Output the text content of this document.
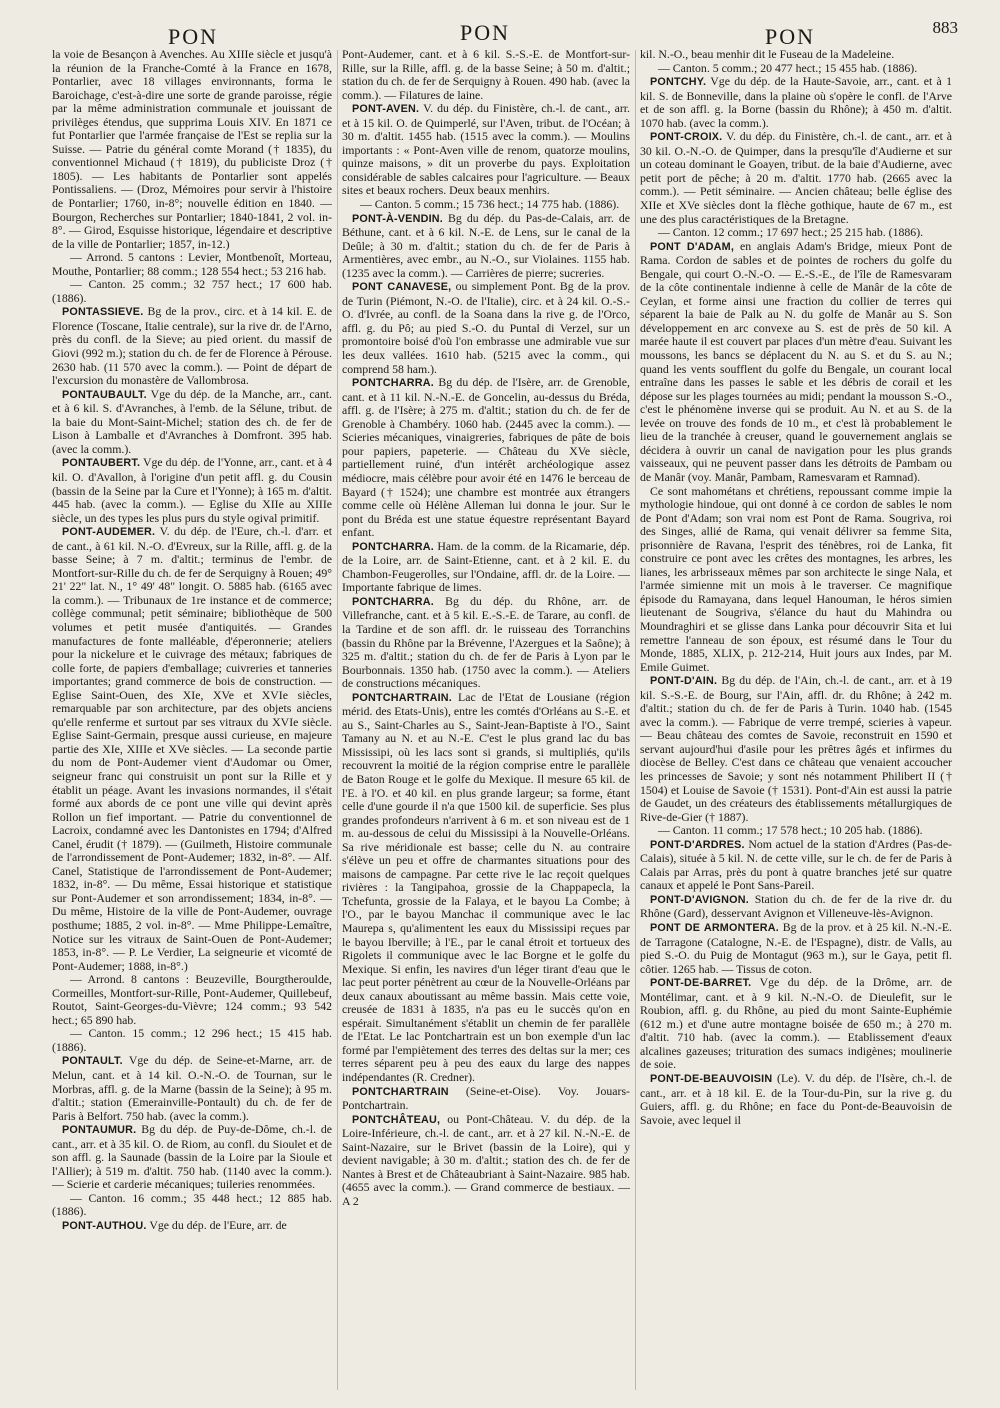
PON	PON	PON	883

la voie de Besançon à Avenches. Au XIIIe siècle et jusqu'à la réunion de la Franche-Comté à la France en 1678, Pontarlier, avec 18 villages environnants, forma le Baroichage, c'est-à-dire une sorte de grande paroisse, régie par la même administration communale et jouissant de privilèges étendus, que supprima Louis XIV. En 1871 ce fut Pontarlier que l'armée française de l'Est se replia sur la Suisse. — Patrie du général comte Morand († 1835), du conventionnel Michaud († 1819), du publiciste Droz († 1805). — Les habitants de Pontarlier sont appelés Pontissaliens. — (Droz, Mémoires pour servir à l'histoire de Pontarlier; 1760, in-8°; nouvelle édition en 1840. — Bourgon, Recherches sur Pontarlier; 1840-1841, 2 vol. in-8°. — Girod, Esquisse historique, légendaire et descriptive de la ville de Pontarlier; 1857, in-12.)

— Arrond. 5 cantons : Levier, Montbenoît, Morteau, Mouthe, Pontarlier; 88 comm.; 128 554 hect.; 53 216 hab.

— Canton. 25 comm.; 32 757 hect.; 17 600 hab. (1886).

PONTASSIEVE. Bg de la prov., circ. et à 14 kil. E. de Florence (Toscane, Italie centrale), sur la rive dr. de l'Arno, près du confl. de la Sieve; au pied orient. du massif de Giovi (992 m.); station du ch. de fer de Florence à Pérouse. 2630 hab. (11 570 avec la comm.). — Point de départ de l'excursion du monastère de Vallombrosa.

PONTAUBAULT. Vge du dép. de la Manche, arr., cant. et à 6 kil. S. d'Avranches, à l'emb. de la Sélune, tribut. de la baie du Mont-Saint-Michel; station des ch. de fer de Lison à Lamballe et d'Avranches à Domfront. 395 hab. (avec la comm.).

PONTAUBERT. Vge du dép. de l'Yonne, arr., cant. et à 4 kil. O. d'Avallon, à l'origine d'un petit affl. g. du Cousin (bassin de la Seine par la Cure et l'Yonne); à 165 m. d'altit. 445 hab. (avec la comm.). — Eglise du XIIe au XIIIe siècle, un des types les plus purs du style ogival primitif.

PONT-AUDEMER. V. du dép. de l'Eure, ch.-l. d'arr. et de cant., à 61 kil. N.-O. d'Evreux, sur la Rille, affl. g. de la basse Seine; à 7 m. d'altit.; terminus de l'embr. de Montfort-sur-Rille du ch. de fer de Serquigny à Rouen; 49° 21' 22" lat. N., 1° 49' 48" longit. O. 5885 hab. (6165 avec la comm.). — Tribunaux de 1re instance et de commerce; collège communal; petit séminaire; bibliothèque de 500 volumes et petit musée d'antiquités. — Grandes manufactures de fonte malléable, d'éperonnerie; ateliers pour la nickelure et le cuivrage des métaux; fabriques de colle forte, de papiers d'emballage; cuivreries et tanneries importantes; grand commerce de bois de construction. — Eglise Saint-Ouen, des XIe, XVe et XVIe siècles, remarquable par son architecture, par des objets anciens qu'elle renferme et surtout par ses vitraux du XVIe siècle. Eglise Saint-Germain, presque aussi curieuse, en majeure partie des XIe, XIIIe et XVe siècles. — La seconde partie du nom de Pont-Audemer vient d'Audomar ou Omer, seigneur franc qui construisit un pont sur la Rille et y établit un péage. Avant les invasions normandes, il s'était formé aux abords de ce pont une ville qui devint après Rollon un fief important. — Patrie du conventionnel de Lacroix, condamné avec les Dantonistes en 1794; d'Alfred Canel, érudit († 1879). — (Guilmeth, Histoire communale de l'arrondissement de Pont-Audemer; 1832, in-8°. — Alf. Canel, Statistique de l'arrondissement de Pont-Audemer; 1832, in-8°. — Du même, Essai historique et statistique sur Pont-Audemer et son arrondissement; 1834, in-8°. — Du même, Histoire de la ville de Pont-Audemer, ouvrage posthume; 1885, 2 vol. in-8°. — Mme Philippe-Lemaître, Notice sur les vitraux de Saint-Ouen de Pont-Audemer; 1853, in-8°. — P. Le Verdier, La seigneurie et vicomté de Pont-Audemer; 1888, in-8°.)

— Arrond. 8 cantons : Beuzeville, Bourgtheroulde, Cormeilles, Montfort-sur-Rille, Pont-Audemer, Quillebeuf, Routot, Saint-Georges-du-Vièvre; 124 comm.; 93 542 hect.; 65 890 hab.

— Canton. 15 comm.; 12 296 hect.; 15 415 hab. (1886).

PONTAULT. Vge du dép. de Seine-et-Marne, arr. de Melun, cant. et à 14 kil. O.-N.-O. de Tournan, sur le Morbras, affl. g. de la Marne (bassin de la Seine); à 95 m. d'altit.; station (Emerainville-Pontault) du ch. de fer de Paris à Belfort. 750 hab. (avec la comm.).

PONTAUMUR. Bg du dép. de Puy-de-Dôme, ch.-l. de cant., arr. et à 35 kil. O. de Riom, au confl. du Sioulet et de son affl. g. la Saunade (bassin de la Loire par la Sioule et l'Allier); à 519 m. d'altit. 750 hab. (1140 avec la comm.). — Scierie et carderie mécaniques; tuileries renommées.

— Canton. 16 comm.; 35 448 hect.; 12 885 hab. (1886).

PONT-AUTHOU. Vge du dép. de l'Eure, arr. de

Pont-Audemer, cant. et à 6 kil. S.-S.-E. de Montfort-sur-Rille, sur la Rille, affl. g. de la basse Seine; à 50 m. d'altit.; station du ch. de fer de Serquigny à Rouen. 490 hab. (avec la comm.). — Filatures de laine.

PONT-AVEN. V. du dép. du Finistère, ch.-l. de cant., arr. et à 15 kil. O. de Quimperlé, sur l'Aven, tribut. de l'Océan; à 30 m. d'altit. 1455 hab. (1515 avec la comm.). — Moulins importants : « Pont-Aven ville de renom, quatorze moulins, quinze maisons, » dit un proverbe du pays. Exploitation considérable de sables calcaires pour l'agriculture. — Beaux sites et beaux rochers. Deux beaux menhirs.

— Canton. 5 comm.; 15 736 hect.; 14 775 hab. (1886).

PONT-À-VENDIN. Bg du dép. du Pas-de-Calais, arr. de Béthune, cant. et à 6 kil. N.-E. de Lens, sur le canal de la Deûle; à 30 m. d'altit.; station du ch. de fer de Paris à Armentières, avec embr., au N.-O., sur Violaines. 1155 hab. (1235 avec la comm.). — Carrières de pierre; sucreries.

PONT CANAVESE, ou simplement Pont. Bg de la prov. de Turin (Piémont, N.-O. de l'Italie), circ. et à 24 kil. O.-S.-O. d'Ivrée, au confl. de la Soana dans la rive g. de l'Orco, affl. g. du Pô; au pied S.-O. du Puntal di Verzel, sur un promontoire boisé d'où l'on embrasse une admirable vue sur les deux vallées. 1610 hab. (5215 avec la comm., qui comprend 58 ham.).

PONTCHARRA. Bg du dép. de l'Isère, arr. de Grenoble, cant. et à 11 kil. N.-N.-E. de Goncelin, au-dessus du Bréda, affl. g. de l'Isère; à 275 m. d'altit.; station du ch. de fer de Grenoble à Chambéry. 1060 hab. (2445 avec la comm.). — Scieries mécaniques, vinaigreries, fabriques de pâte de bois pour papiers, papeterie. — Château du XVe siècle, partiellement ruiné, d'un intérêt archéologique assez médiocre, mais célèbre pour avoir été en 1476 le berceau de Bayard († 1524); une chambre est montrée aux étrangers comme celle où Hélène Alleman lui donna le jour. Sur le pont du Bréda est une statue équestre représentant Bayard enfant.

PONTCHARRA. Ham. de la comm. de la Ricamarie, dép. de la Loire, arr. de Saint-Etienne, cant. et à 2 kil. E. du Chambon-Feugerolles, sur l'Ondaine, affl. dr. de la Loire. — Importante fabrique de limes.

PONTCHARRA. Bg du dép. du Rhône, arr. de Villefranche, cant. et à 5 kil. E.-S.-E. de Tarare, au confl. de la Tardine et de son affl. dr. le ruisseau des Torranchins (bassin du Rhône par la Brévenne, l'Azergues et la Saône); à 325 m. d'altit.; station du ch. de fer de Paris à Lyon par le Bourbonnais. 1350 hab. (1750 avec la comm.). — Ateliers de constructions mécaniques.

PONTCHARTRAIN. Lac de l'Etat de Lousiane (région mérid. des Etats-Unis), entre les comtés d'Orléans au S.-E. et au S., Saint-Charles au S., Saint-Jean-Baptiste à l'O., Saint Tamany au N. et au N.-E. C'est le plus grand lac du bas Mississipi, où les lacs sont si grands, si multipliés, qu'ils recouvrent la moitié de la région comprise entre le parallèle de Baton Rouge et le golfe du Mexique. Il mesure 65 kil. de l'E. à l'O. et 40 kil. en plus grande largeur; sa forme, étant celle d'une gourde il n'a que 1500 kil. de superficie. Ses plus grandes profondeurs n'arrivent à 6 m. et son niveau est de 1 m. au-dessous de celui du Mississipi à la Nouvelle-Orléans. Sa rive méridionale est basse; celle du N. au contraire s'élève un peu et offre de charmantes situations pour des maisons de campagne. Par cette rive le lac reçoit quelques rivières : la Tangipahoa, grossie de la Chappapecla, la Tchefunta, grossie de la Falaya, et le bayou La Combe; à l'O., par le bayou Manchac il communique avec le lac Maurepa s, qu'alimentent les eaux du Mississipi reçues par le bayou Iberville; à l'E., par le canal étroit et tortueux des Rigolets il communique avec le lac Borgne et le golfe du Mexique. Si enfin, les navires d'un léger tirant d'eau que le lac peut porter pénètrent au cœur de la Nouvelle-Orléans par deux canaux aboutissant au même bassin. Mais cette voie, creusée de 1831 à 1835, n'a pas eu le succès qu'on en espérait. Simultanément s'établit un chemin de fer parallèle de l'Etat. Le lac Pontchartrain est un bon exemple d'un lac formé par l'empiètement des terres des deltas sur la mer; ces terres séparent peu à peu des eaux du large des nappes indépendantes (R. Credner).

PONTCHARTRAIN (Seine-et-Oise). Voy. Jouars-Pontchartrain.

PONTCHÂTEAU, ou Pont-Château. V. du dép. de la Loire-Inférieure, ch.-l. de cant., arr. et à 27 kil. N.-N.-E. de Saint-Nazaire, sur le Brivet (bassin de la Loire), qui y devient navigable; à 30 m. d'altit.; station des ch. de fer de Nantes à Brest et de Châteaubriant à Saint-Nazaire. 985 hab. (4655 avec la comm.). — Grand commerce de bestiaux. — A 2

kil. N.-O., beau menhir dit le Fuseau de la Madeleine.

— Canton. 5 comm.; 20 477 hect.; 15 455 hab. (1886).

PONTCHY. Vge du dép. de la Haute-Savoie, arr., cant. et à 1 kil. S. de Bonneville, dans la plaine où s'opère le confl. de l'Arve et de son affl. g. la Borne (bassin du Rhône); à 450 m. d'altit. 1070 hab. (avec la comm.).

PONT-CROIX. V. du dép. du Finistère, ch.-l. de cant., arr. et à 30 kil. O.-N.-O. de Quimper, dans la presqu'île d'Audierne et sur un coteau dominant le Goayen, tribut. de la baie d'Audierne, avec petit port de pêche; à 20 m. d'altit. 1770 hab. (2665 avec la comm.). — Petit séminaire. — Ancien château; belle église des XIIe et XVe siècles dont la flèche gothique, haute de 67 m., est une des plus caractéristiques de la Bretagne.

— Canton. 12 comm.; 17 697 hect.; 25 215 hab. (1886).

PONT D'ADAM, en anglais Adam's Bridge, mieux Pont de Rama. Cordon de sables et de pointes de rochers du golfe du Bengale, qui court O.-N.-O. — E.-S.-E., de l'île de Ramesvaram de la côte continentale indienne à celle de Manâr de la côte de Ceylan, et forme ainsi une fraction du collier de terres qui séparent la baie de Palk au N. du golfe de Manâr au S. Son développement en arc convexe au S. est de près de 50 kil. A marée haute il est couvert par places d'un mètre d'eau. Suivant les moussons, les bancs se déplacent du N. au S. et du S. au N.; quand les vents soufflent du golfe du Bengale, un courant local entraîne dans les passes le sable et les débris de corail et les dépose sur les plages tournées au midi; pendant la mousson S.-O., c'est le phénomène inverse qui se produit. Au N. et au S. de la levée on trouve des fonds de 10 m., et c'est là probablement le lieu de la tranchée à creuser, quand le gouvernement anglais se décidera à ouvrir un canal de navigation pour les plus grands vaisseaux, qui ne peuvent passer dans les détroits de Pambam ou de Manâr (voy. Manâr, Pambam, Ramesvaram et Ramnad).

Ce sont mahométans et chrétiens, repoussant comme impie la mythologie hindoue, qui ont donné à ce cordon de sables le nom de Pont d'Adam; son vrai nom est Pont de Rama. Sougriva, roi des Singes, allié de Rama, qui venait délivrer sa femme Sita, prisonnière de Ravana, l'esprit des ténèbres, roi de Lanka, fit construire ce pont avec les crêtes des montagnes, les arbres, les lianes, les arbrisseaux mêmes par son architecte le singe Nala, et l'armée simienne mit un mois à le traverser. Ce magnifique épisode du Ramayana, dans lequel Hanouman, le héros simien lieutenant de Sougriva, s'élance du haut du Mahindra ou Moundraghiri et se glisse dans Lanka pour découvrir Sita et lui remettre l'anneau de son époux, est résumé dans le Tour du Monde, 1885, XLIX, p. 212-214, Huit jours aux Indes, par M. Emile Guimet.

PONT-D'AIN. Bg du dép. de l'Ain, ch.-l. de cant., arr. et à 19 kil. S.-S.-E. de Bourg, sur l'Ain, affl. dr. du Rhône; à 242 m. d'altit.; station du ch. de fer de Paris à Turin. 1040 hab. (1545 avec la comm.). — Fabrique de verre trempé, scieries à vapeur. — Beau château des comtes de Savoie, reconstruit en 1590 et servant aujourd'hui d'asile pour les prêtres âgés et infirmes du diocèse de Belley. C'est dans ce château que venaient accoucher les princesses de Savoie; y sont nés notamment Philibert II († 1504) et Louise de Savoie († 1531). Pont-d'Ain est aussi la patrie de Gaudet, un des créateurs des établissements métallurgiques de Rive-de-Gier († 1887).

— Canton. 11 comm.; 17 578 hect.; 10 205 hab. (1886).

PONT-D'ARDRES. Nom actuel de la station d'Ardres (Pas-de-Calais), située à 5 kil. N. de cette ville, sur le ch. de fer de Paris à Calais par Arras, près du pont à quatre branches jeté sur quatre canaux et appelé le Pont Sans-Pareil.

PONT-D'AVIGNON. Station du ch. de fer de la rive dr. du Rhône (Gard), desservant Avignon et Villeneuve-lès-Avignon.

PONT DE ARMONTERA. Bg de la prov. et à 25 kil. N.-N.-E. de Tarragone (Catalogne, N.-E. de l'Espagne), distr. de Valls, au pied S.-O. du Puig de Montagut (963 m.), sur le Gaya, petit fl. côtier. 1265 hab. — Tissus de coton.

PONT-DE-BARRET. Vge du dép. de la Drôme, arr. de Montélimar, cant. et à 9 kil. N.-N.-O. de Dieulefit, sur le Roubion, affl. g. du Rhône, au pied du mont Sainte-Euphémie (612 m.) et d'une autre montagne boisée de 650 m.; à 270 m. d'altit. 710 hab. (avec la comm.). — Etablissement d'eaux alcalines gazeuses; trituration des sumacs indigènes; moulinerie de soie.

PONT-DE-BEAUVOISIN (Le). V. du dép. de l'Isère, ch.-l. de cant., arr. et à 18 kil. E. de la Tour-du-Pin, sur la rive g. du Guiers, affl. g. du Rhône; en face du Pont-de-Beauvoisin de Savoie, avec lequel il
